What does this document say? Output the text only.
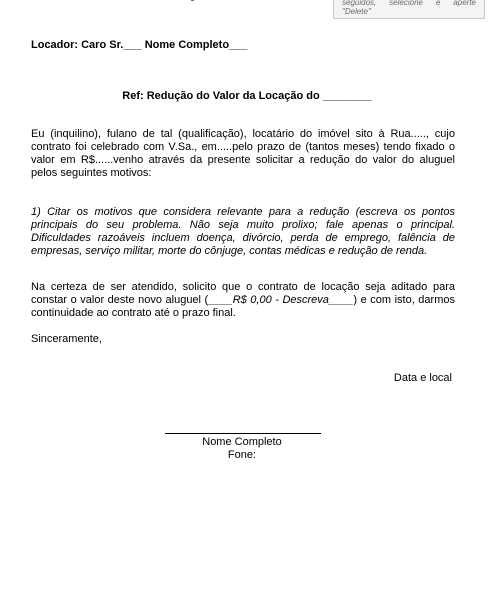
seguidos, selecione e aperte
"Delete"
Locador: Caro Sr.___ Nome Completo___
Ref: Redução do Valor da Locação do ________
Eu (inquilino), fulano de tal (qualificação), locatário do imóvel sito à Rua....., cujo contrato foi celebrado com V.Sa., em.....pelo prazo de (tantos meses) tendo fixado o valor em R$......venho através da presente solicitar a redução do valor do aluguel pelos seguintes motivos:
1) Citar os motivos que considera relevante para a redução (escreva os pontos principais do seu problema. Não seja muito prolixo; fale apenas o principal. Dificuldades razoáveis incluem doença, divórcio, perda de emprego, falência de empresas, serviço militar, morte do cônjuge, contas médicas e redução de renda.
Na certeza de ser atendido, solicito que o contrato de locação seja aditado para constar o valor deste novo aluguel (____R$ 0,00 - Descreva____) e com isto, darmos continuidade ao contrato até o prazo final.
Sinceramente,
Data e local
Nome Completo
Fone:
